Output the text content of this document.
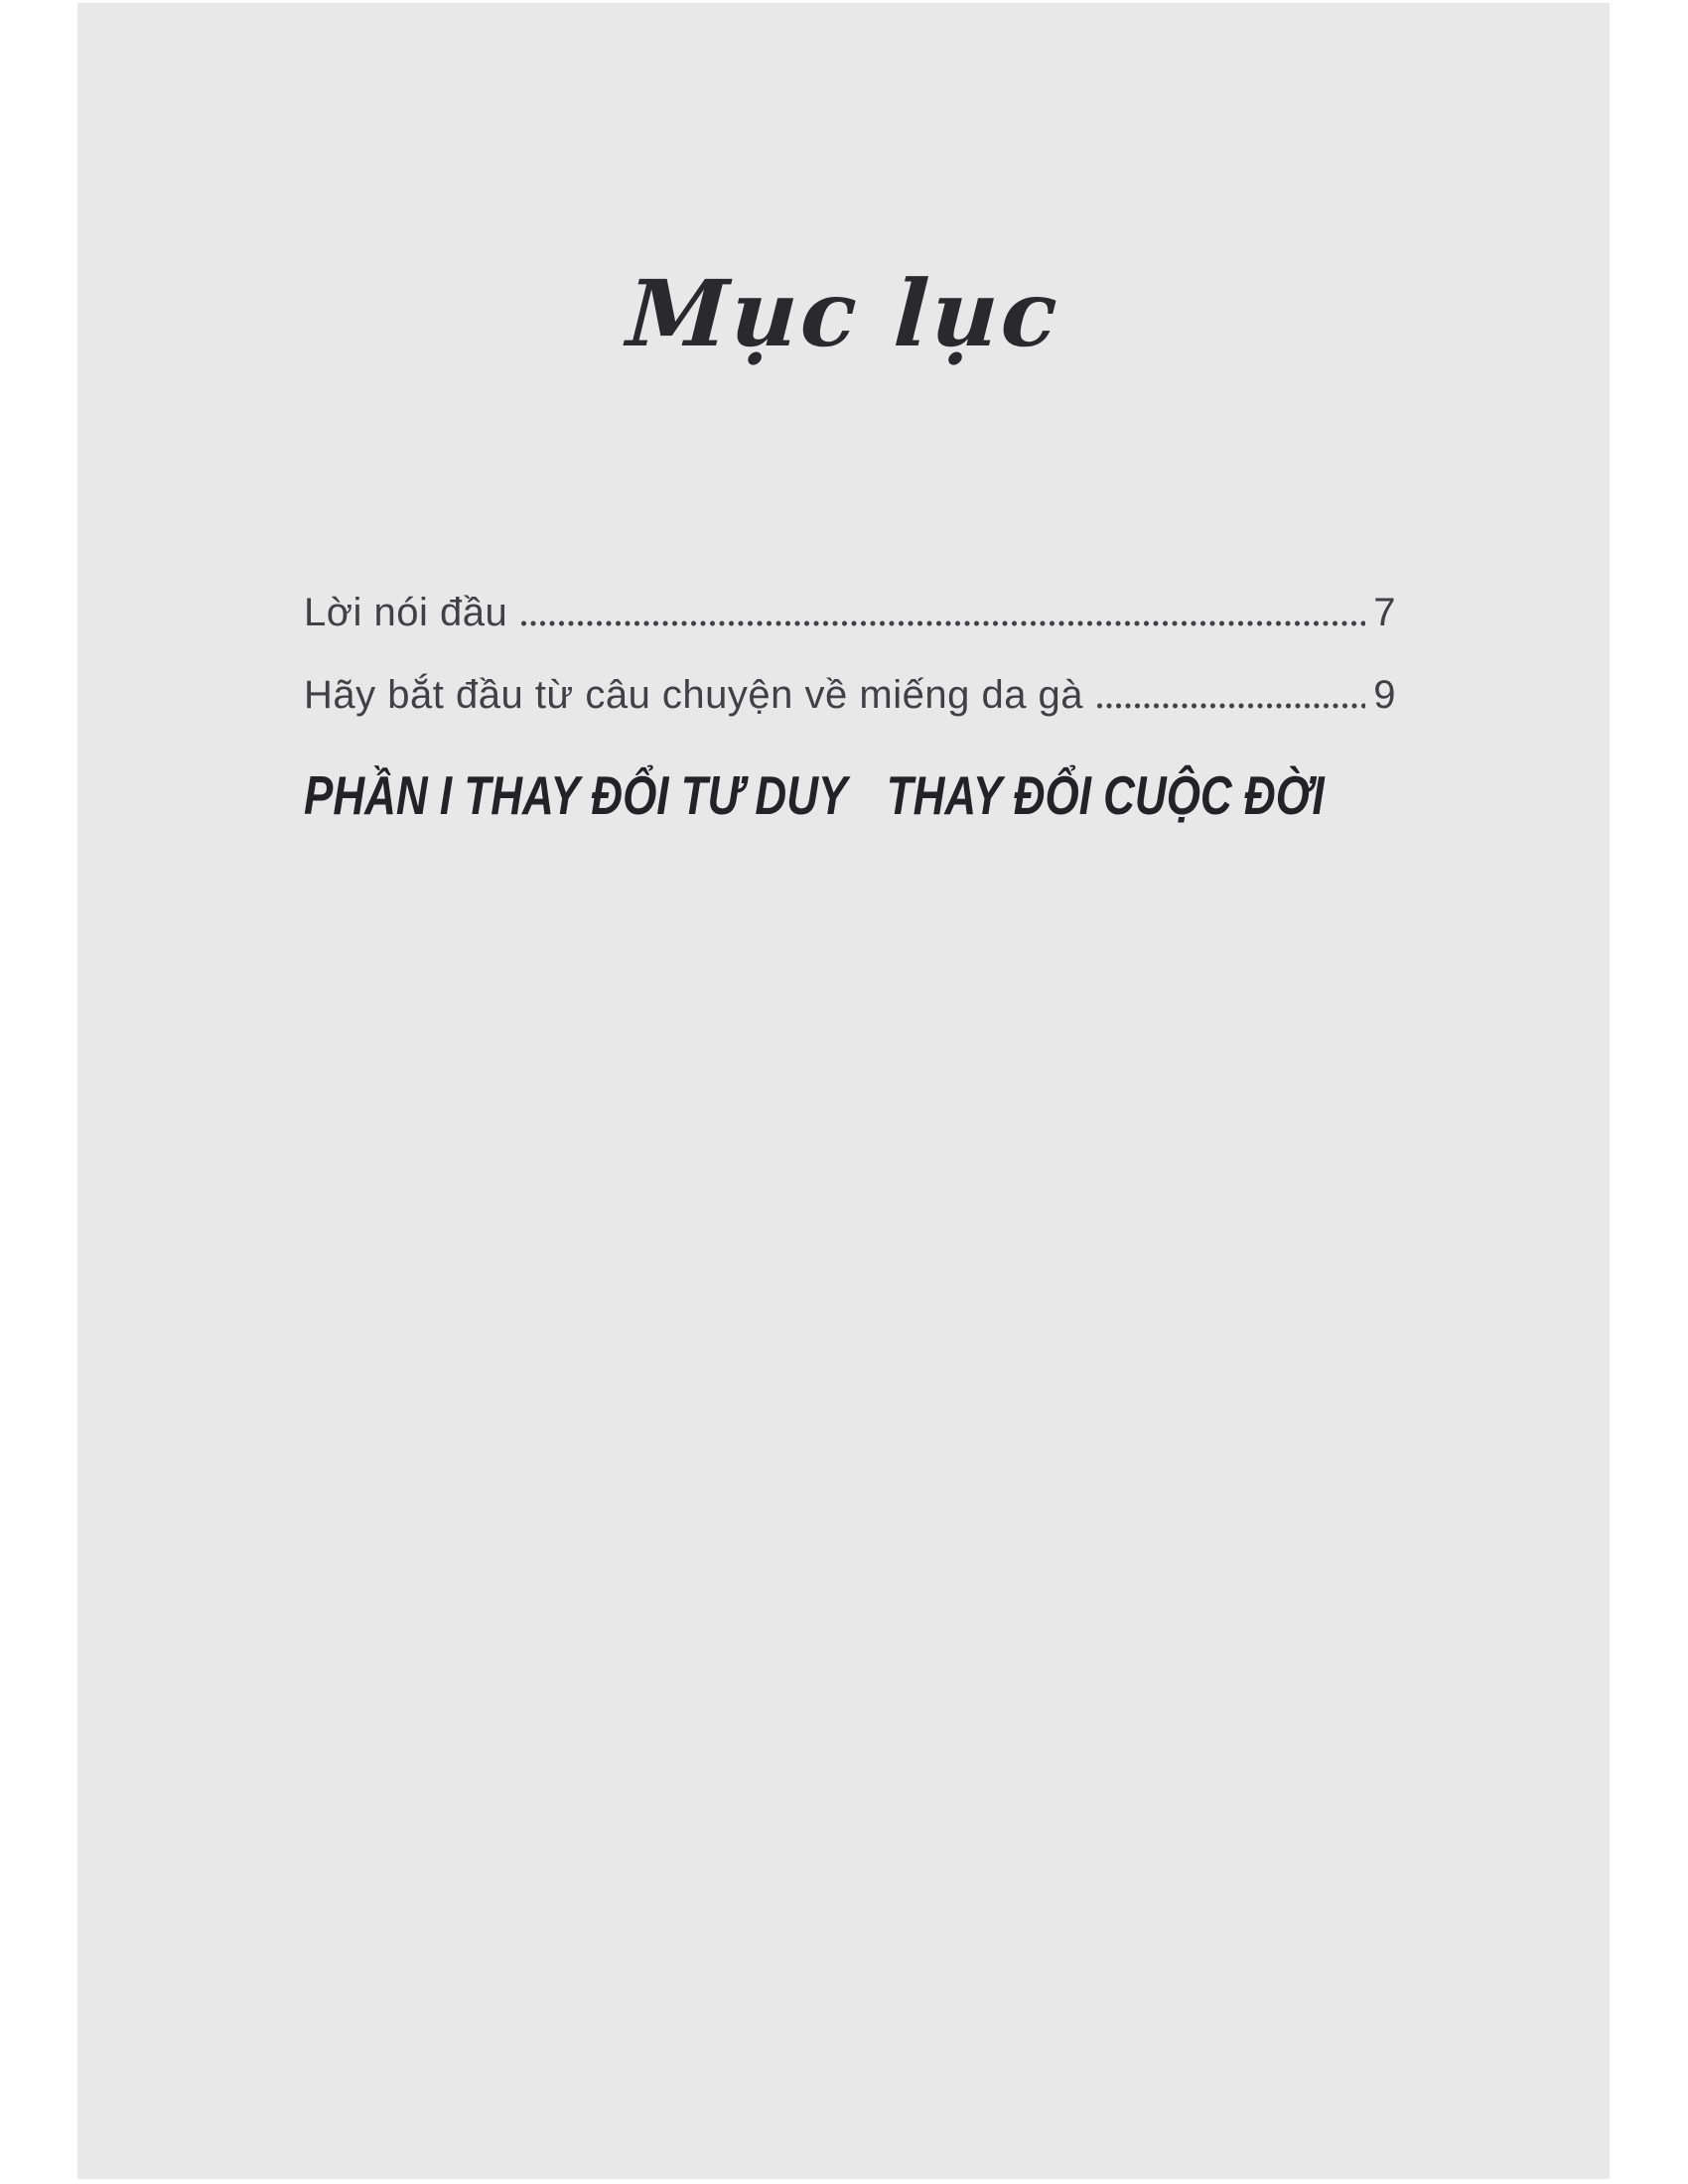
Mục lục
Lời nói đầu	7
Hãy bắt đầu từ câu chuyện về miếng da gà	9
PHẦN I THAY ĐỔI TƯ DUY THAY ĐỔI CUỘC ĐỜI
